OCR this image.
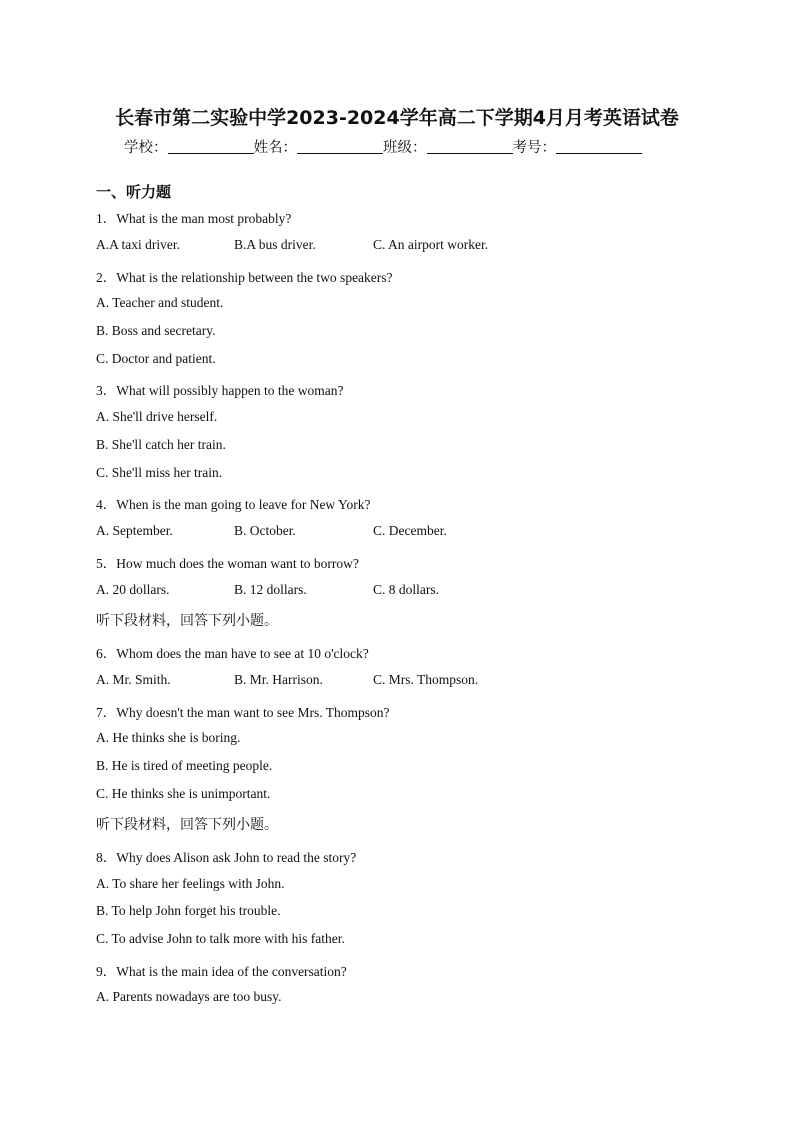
长春市第二实验中学2023-2024学年高二下学期4月月考英语试卷
学校：	姓名：	班级：	考号：
一、听力题
1．What is the man most probably?
A.A taxi driver.	B.A bus driver.	C. An airport worker.
2．What is the relationship between the two speakers?
A. Teacher and student.
B. Boss and secretary.
C. Doctor and patient.
3．What will possibly happen to the woman?
A. She'll drive herself.
B. She'll catch her train.
C. She'll miss her train.
4．When is the man going to leave for New York?
A. September.	B. October.	C. December.
5．How much does the woman want to borrow?
A. 20 dollars.	B. 12 dollars.	C. 8 dollars.
听下段材料，回答下列小题。
6．Whom does the man have to see at 10 o'clock?
A. Mr. Smith.	B. Mr. Harrison.	C. Mrs. Thompson.
7．Why doesn't the man want to see Mrs. Thompson?
A. He thinks she is boring.
B. He is tired of meeting people.
C. He thinks she is unimportant.
听下段材料，回答下列小题。
8．Why does Alison ask John to read the story?
A. To share her feelings with John.
B. To help John forget his trouble.
C. To advise John to talk more with his father.
9．What is the main idea of the conversation?
A. Parents nowadays are too busy.
